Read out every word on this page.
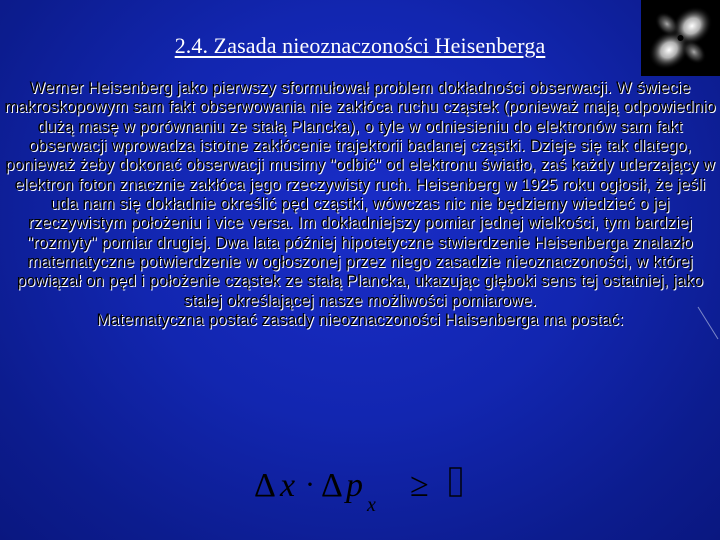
2.4. Zasada nieoznaczoności Heisenberga

Werner Heisenberg jako pierwszy sformułował problem dokładności obserwacji. W świecie makroskopowym sam fakt obserwowania nie zakłóca ruchu cząstek (ponieważ mają odpowiednio dużą masę w porównaniu ze stałą Plancka), o tyle w odniesieniu do elektronów sam fakt obserwacji wprowadza istotne zakłócenie trajektorii badanej cząstki. Dzieje się tak dlatego, ponieważ żeby dokonać obserwacji musimy "odbić" od elektronu światło, zaś każdy uderzający w elektron foton znacznie zakłóca jego rzeczywisty ruch. Heisenberg w 1925 roku ogłosił, że jeśli uda nam się dokładnie określić pęd cząstki, wówczas nic nie będziemy wiedzieć o jej rzeczywistym położeniu i vice versa. Im dokładniejszy pomiar jednej wielkości, tym bardziej "rozmyty" pomiar drugiej. Dwa lata później hipotetyczne stwierdzenie Heisenberga znalazło matematyczne potwierdzenie w ogłoszonej przez niego zasadzie nieoznaczoności, w której powiązał on pęd i położenie cząstek ze stałą Plancka, ukazując głęboki sens tej ostatniej, jako stałej określającej nasze możliwości pomiarowe.

Matematyczna postać zasady nieoznaczoności Haisenberga ma postać:

Δ x · Δ p
x
≥
